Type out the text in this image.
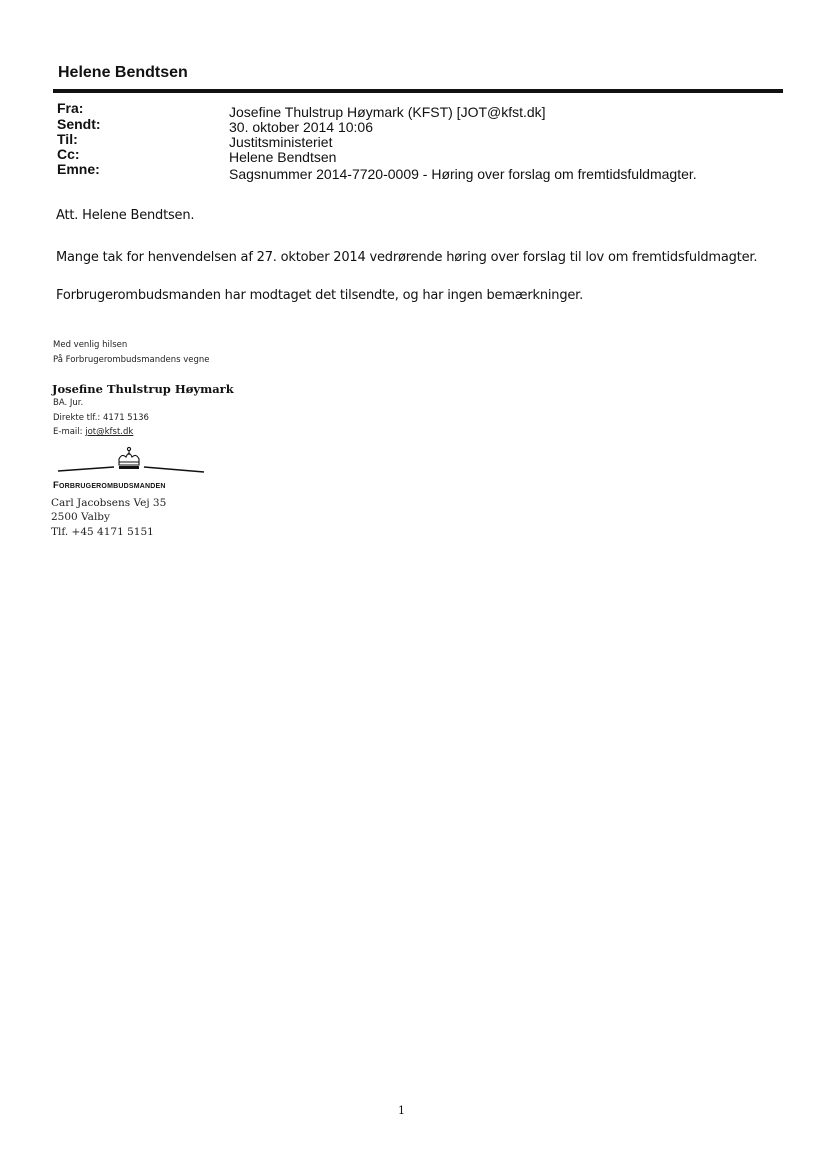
Helene Bendtsen
Fra:	Josefine Thulstrup Høymark (KFST) [JOT@kfst.dk]
Sendt:	30. oktober 2014 10:06
Til:	Justitsministeriet
Cc:	Helene Bendtsen
Emne:	Sagsnummer 2014-7720-0009 - Høring over forslag om fremtidsfuldmagter.
Att. Helene Bendtsen.
Mange tak for henvendelsen af 27. oktober 2014 vedrørende høring over forslag til lov om fremtidsfuldmagter.
Forbrugerombudsmanden har modtaget det tilsendte, og har ingen bemærkninger.
Med venlig hilsen
På Forbrugerombudsmandens vegne
Josefine Thulstrup Høymark
BA. Jur.
Direkte tlf.: 4171 5136
E-mail: jot@kfst.dk
Forbrugerombudsmanden
Carl Jacobsens Vej 35
2500 Valby
Tlf. +45 4171 5151
1
